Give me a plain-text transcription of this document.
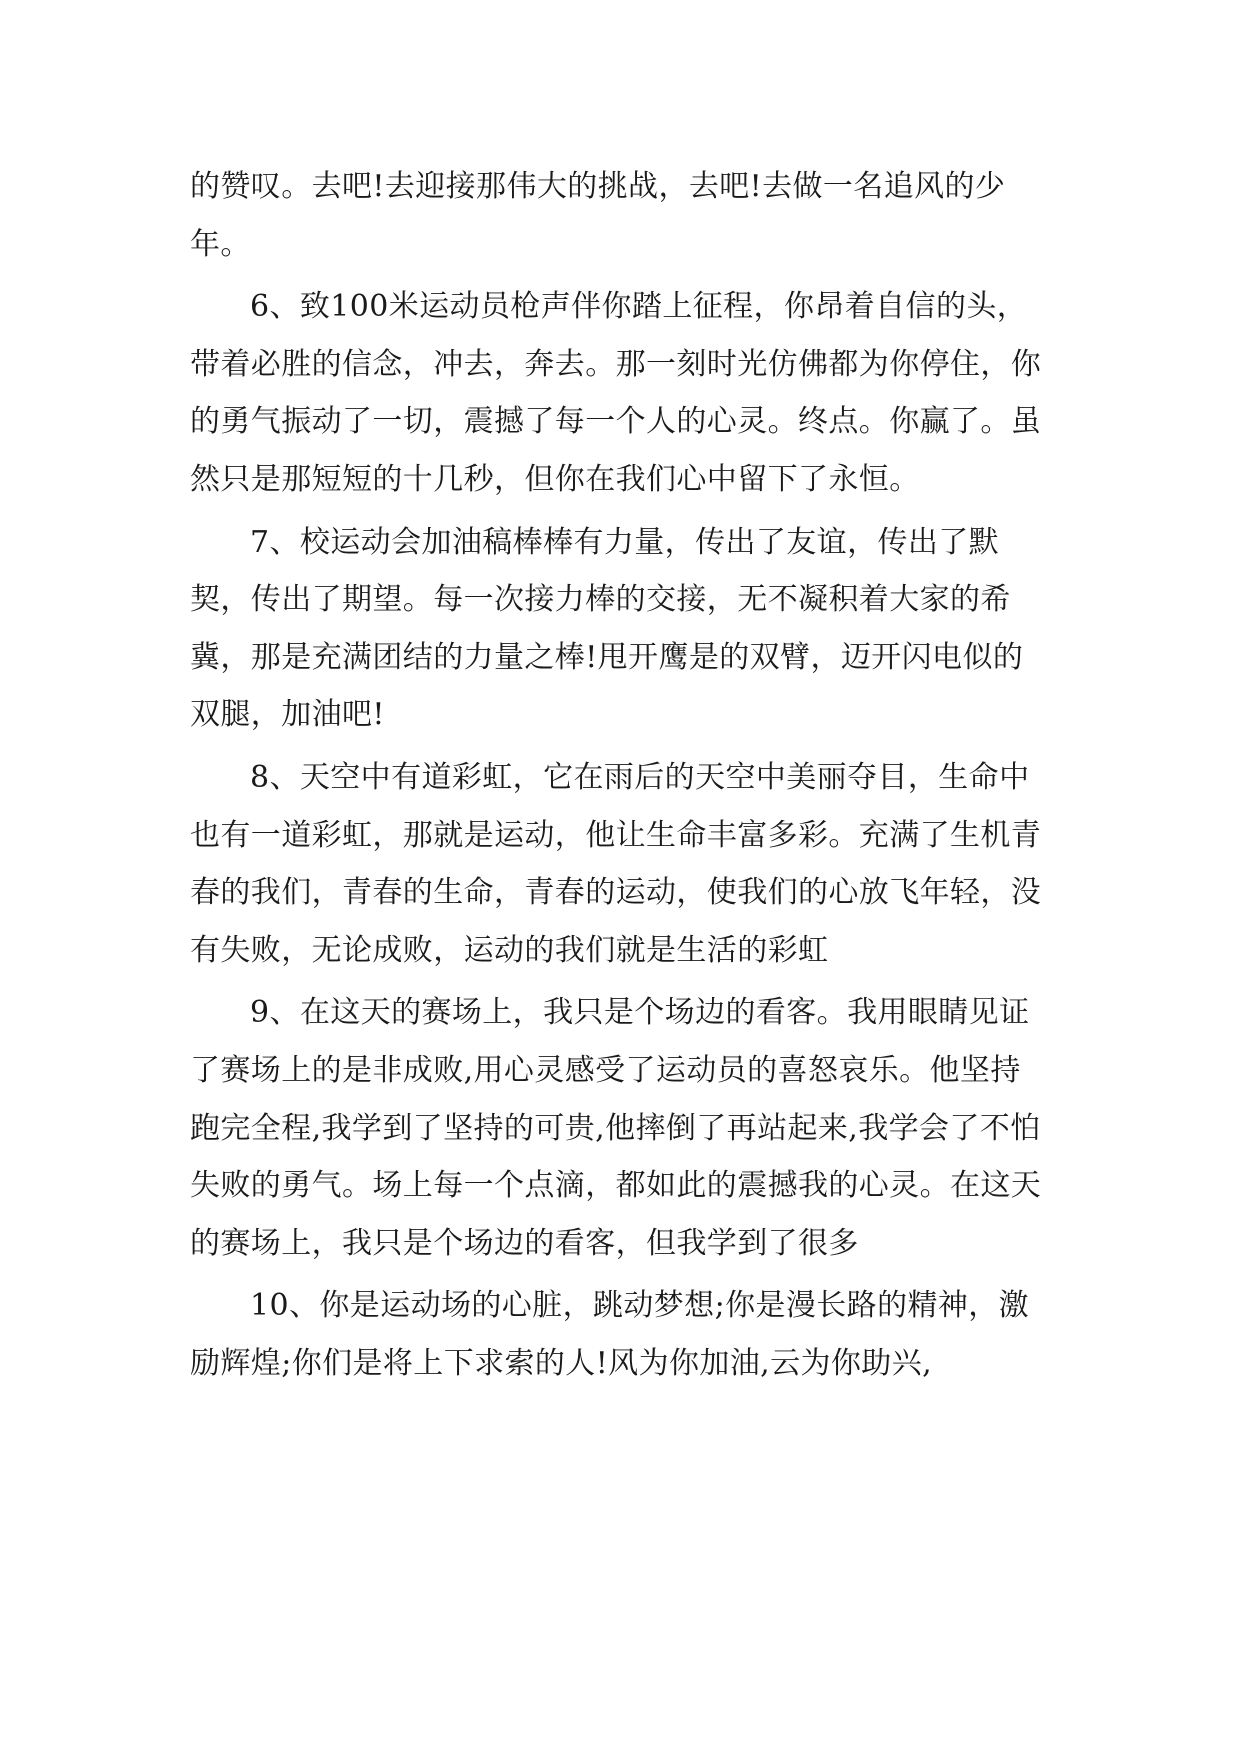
的赞叹。去吧!去迎接那伟大的挑战，去吧!去做一名追风的少年。

6、致100米运动员枪声伴你踏上征程，你昂着自信的头，带着必胜的信念，冲去，奔去。那一刻时光仿佛都为你停住，你的勇气振动了一切，震撼了每一个人的心灵。终点。你赢了。虽然只是那短短的十几秒，但你在我们心中留下了永恒。

7、校运动会加油稿棒棒有力量，传出了友谊，传出了默契，传出了期望。每一次接力棒的交接，无不凝积着大家的希冀，那是充满团结的力量之棒!甩开鹰是的双臂，迈开闪电似的双腿，加油吧!

8、天空中有道彩虹，它在雨后的天空中美丽夺目，生命中也有一道彩虹，那就是运动，他让生命丰富多彩。充满了生机青春的我们，青春的生命，青春的运动，使我们的心放飞年轻，没有失败，无论成败，运动的我们就是生活的彩虹

9、在这天的赛场上，我只是个场边的看客。我用眼睛见证了赛场上的是非成败,用心灵感受了运动员的喜怒哀乐。他坚持跑完全程,我学到了坚持的可贵,他摔倒了再站起来,我学会了不怕失败的勇气。场上每一个点滴，都如此的震撼我的心灵。在这天的赛场上，我只是个场边的看客，但我学到了很多

10、你是运动场的心脏，跳动梦想;你是漫长路的精神，激励辉煌;你们是将上下求索的人!风为你加油,云为你助兴,
